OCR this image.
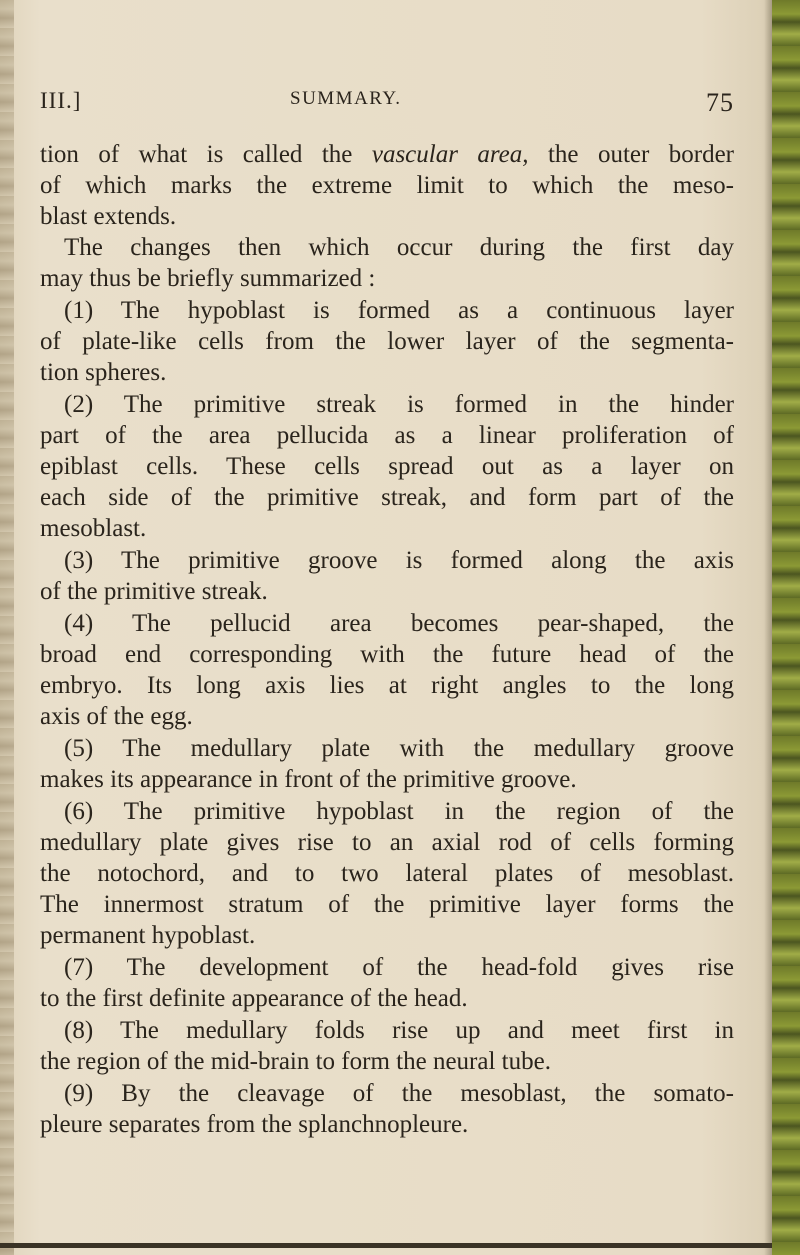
III.]	SUMMARY.	75
tion of what is called the vascular area, the outer border
of which marks the extreme limit to which the meso-
blast extends.
The changes then which occur during the first day
may thus be briefly summarized :
(1) The hypoblast is formed as a continuous layer
of plate-like cells from the lower layer of the segmenta-
tion spheres.
(2) The primitive streak is formed in the hinder
part of the area pellucida as a linear proliferation of
epiblast cells. These cells spread out as a layer on
each side of the primitive streak, and form part of the
mesoblast.
(3) The primitive groove is formed along the axis
of the primitive streak.
(4) The pellucid area becomes pear-shaped, the
broad end corresponding with the future head of the
embryo. Its long axis lies at right angles to the long
axis of the egg.
(5) The medullary plate with the medullary groove
makes its appearance in front of the primitive groove.
(6) The primitive hypoblast in the region of the
medullary plate gives rise to an axial rod of cells forming
the notochord, and to two lateral plates of mesoblast.
The innermost stratum of the primitive layer forms the
permanent hypoblast.
(7) The development of the head-fold gives rise
to the first definite appearance of the head.
(8) The medullary folds rise up and meet first in
the region of the mid-brain to form the neural tube.
(9) By the cleavage of the mesoblast, the somato-
pleure separates from the splanchnopleure.
